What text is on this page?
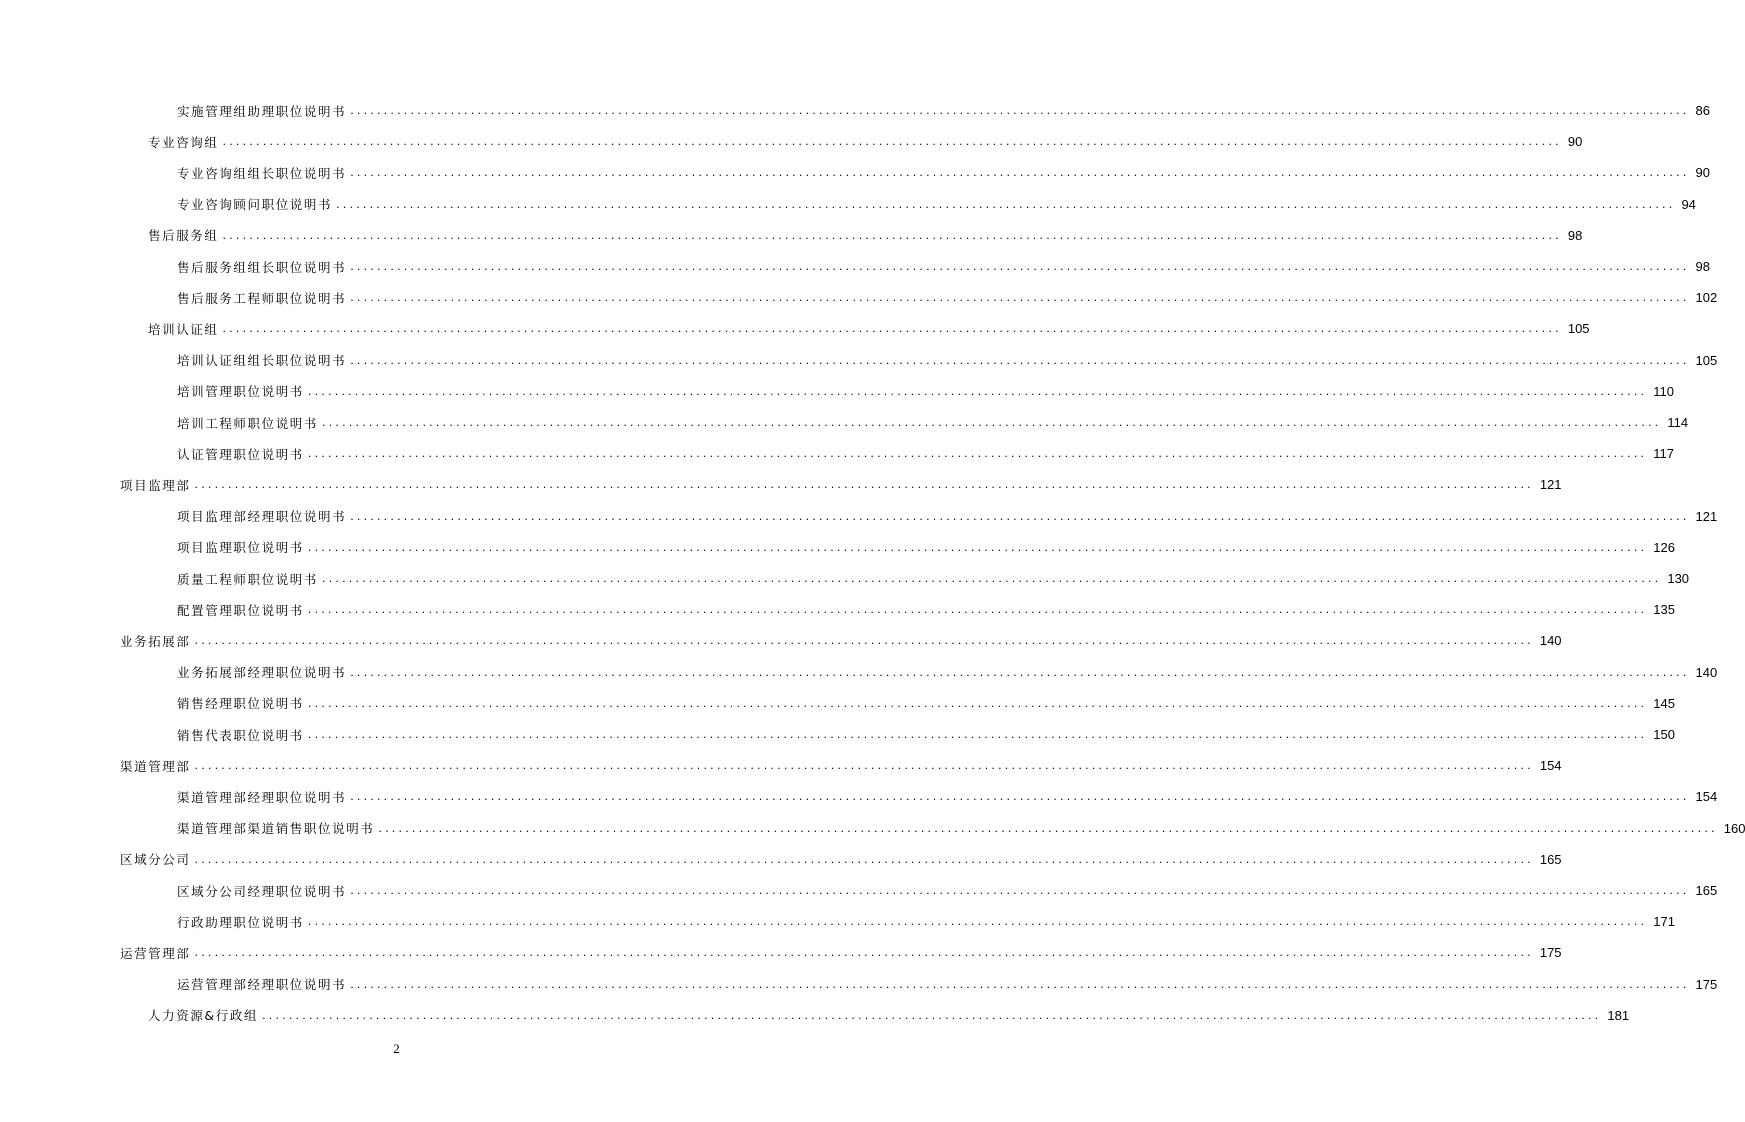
实施管理组助理职位说明书 ........................................................................................................................................................................................................ 86
专业咨询组 ........................................................................................................................................................................................................ 90
专业咨询组组长职位说明书 ........................................................................................................................................................................................................ 90
专业咨询顾问职位说明书 ........................................................................................................................................................................................................ 94
售后服务组 ........................................................................................................................................................................................................ 98
售后服务组组长职位说明书 ........................................................................................................................................................................................................ 98
售后服务工程师职位说明书 ........................................................................................................................................................................................................ 102
培训认证组 ........................................................................................................................................................................................................ 105
培训认证组组长职位说明书 ........................................................................................................................................................................................................ 105
培训管理职位说明书 ........................................................................................................................................................................................................ 110
培训工程师职位说明书 ........................................................................................................................................................................................................ 114
认证管理职位说明书 ........................................................................................................................................................................................................ 117
项目监理部 ........................................................................................................................................................................................................ 121
项目监理部经理职位说明书 ........................................................................................................................................................................................................ 121
项目监理职位说明书 ........................................................................................................................................................................................................ 126
质量工程师职位说明书 ........................................................................................................................................................................................................ 130
配置管理职位说明书 ........................................................................................................................................................................................................ 135
业务拓展部 ........................................................................................................................................................................................................ 140
业务拓展部经理职位说明书 ........................................................................................................................................................................................................ 140
销售经理职位说明书 ........................................................................................................................................................................................................ 145
销售代表职位说明书 ........................................................................................................................................................................................................ 150
渠道管理部 ........................................................................................................................................................................................................ 154
渠道管理部经理职位说明书 ........................................................................................................................................................................................................ 154
渠道管理部渠道销售职位说明书 ........................................................................................................................................................................................................ 160
区域分公司 ........................................................................................................................................................................................................ 165
区域分公司经理职位说明书 ........................................................................................................................................................................................................ 165
行政助理职位说明书 ........................................................................................................................................................................................................ 171
运营管理部 ........................................................................................................................................................................................................ 175
运营管理部经理职位说明书 ........................................................................................................................................................................................................ 175
人力资源&行政组 ........................................................................................................................................................................................................ 181
2
